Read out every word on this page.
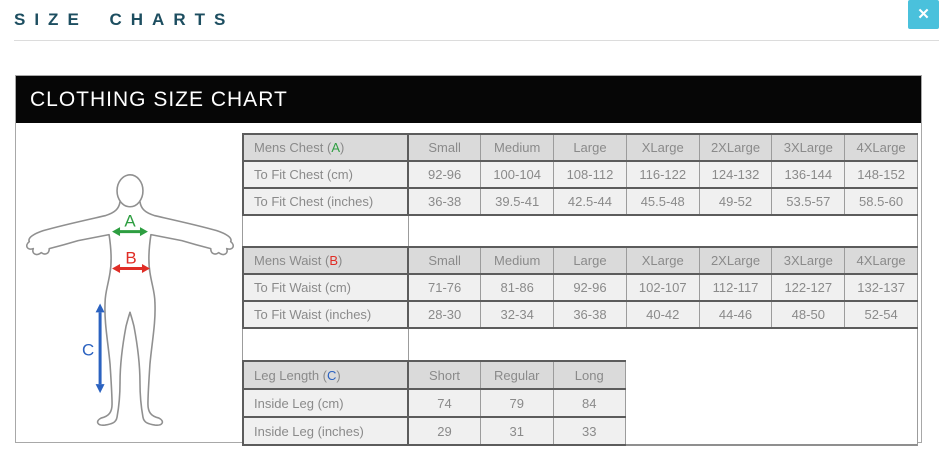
SIZE CHARTS	✕
CLOTHING SIZE CHART
A
B
C
Mens Chest (A)	Small	Medium	Large	XLarge	2XLarge	3XLarge	4XLarge
To Fit Chest (cm)	92-96	100-104	108-112	116-122	124-132	136-144	148-152
To Fit Chest (inches)	36-38	39.5-41	42.5-44	45.5-48	49-52	53.5-57	58.5-60
Mens Waist (B)	Small	Medium	Large	XLarge	2XLarge	3XLarge	4XLarge
To Fit Waist (cm)	71-76	81-86	92-96	102-107	112-117	122-127	132-137
To Fit Waist (inches)	28-30	32-34	36-38	40-42	44-46	48-50	52-54
Leg Length (C)	Short	Regular	Long
Inside Leg (cm)	74	79	84
Inside Leg (inches)	29	31	33
